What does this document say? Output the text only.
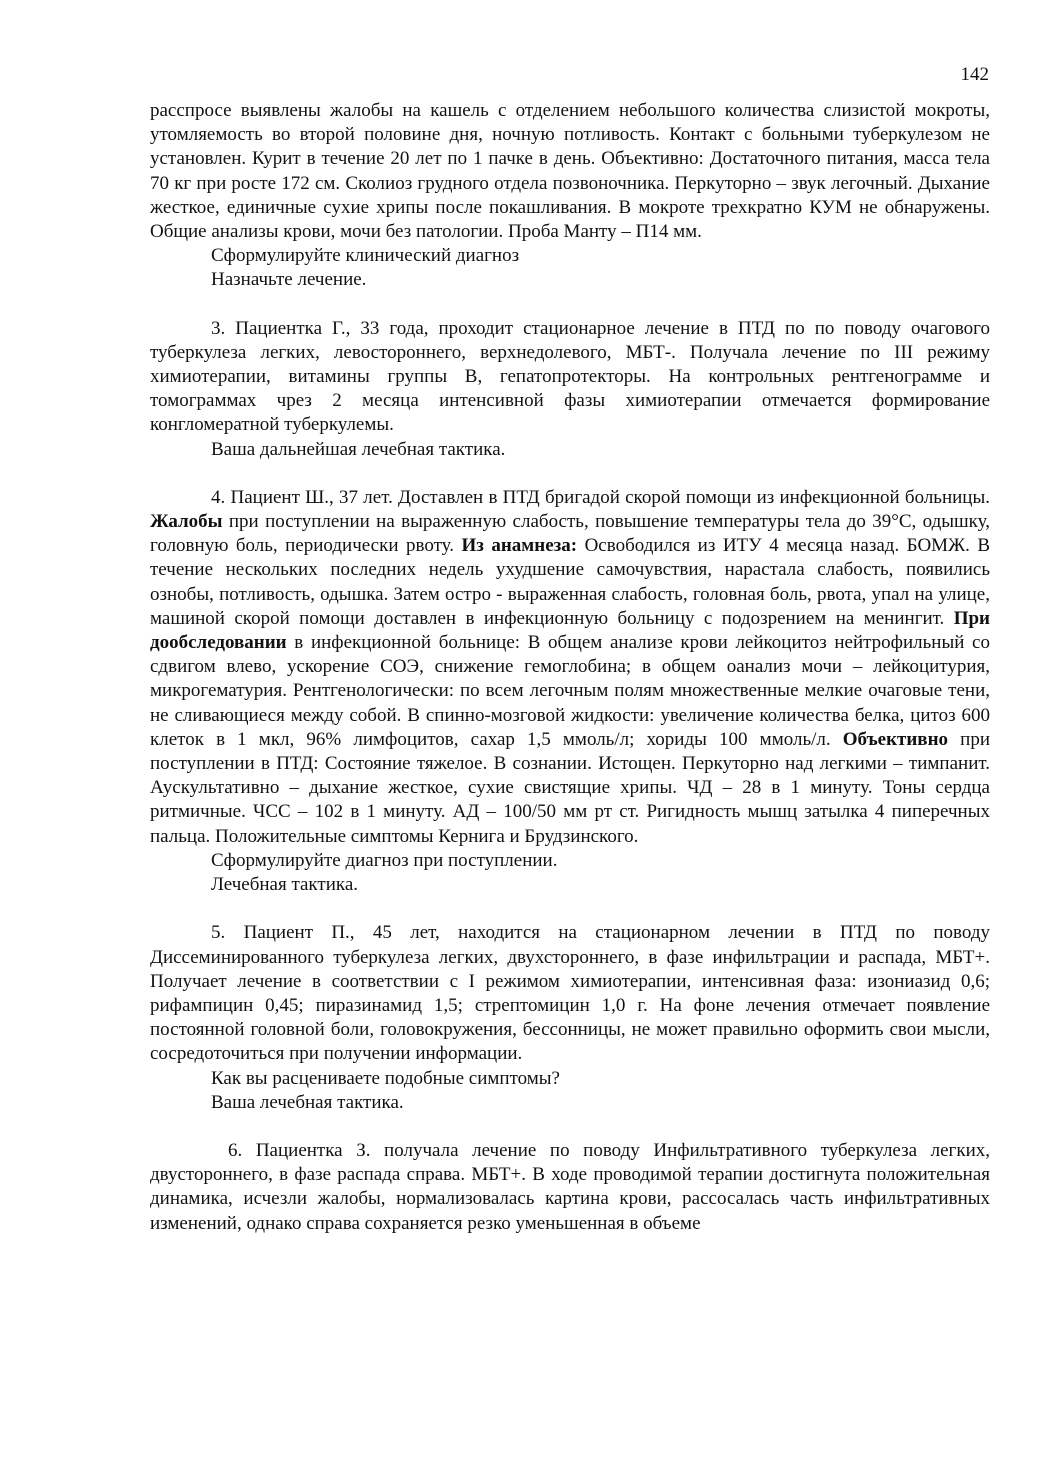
142

расспросе выявлены жалобы на кашель с отделением небольшого количества слизистой мокроты, утомляемость во второй половине дня, ночную потливость. Контакт с больными туберкулезом не установлен. Курит в течение 20 лет по 1 пачке в день. Объективно: Достаточного питания, масса тела 70 кг при росте 172 см. Сколиоз грудного отдела позвоночника. Перкуторно – звук легочный. Дыхание жесткое, единичные сухие хрипы после покашливания. В мокроте трехкратно КУМ не обнаружены. Общие анализы крови, мочи без патологии. Проба Манту – П14 мм.

Сформулируйте клинический диагноз

Назначьте лечение.

3. Пациентка Г., 33 года, проходит стационарное лечение в ПТД по по поводу очагового туберкулеза легких, левостороннего, верхнедолевого, МБТ-. Получала лечение по III режиму химиотерапии, витамины группы В, гепатопротекторы. На контрольных рентгенограмме и томограммах чрез 2 месяца интенсивной фазы химиотерапии отмечается формирование конгломератной туберкулемы.

Ваша дальнейшая лечебная тактика.

4. Пациент Ш., 37 лет. Доставлен в ПТД бригадой скорой помощи из инфекционной больницы. Жалобы при поступлении на выраженную слабость, повышение температуры тела до 39°С, одышку, головную боль, периодически рвоту. Из анамнеза: Освободился из ИТУ 4 месяца назад. БОМЖ. В течение нескольких последних недель ухудшение самочувствия, нарастала слабость, появились ознобы, потливость, одышка. Затем остро - выраженная слабость, головная боль, рвота, упал на улице, машиной скорой помощи доставлен в инфекционную больницу с подозрением на менингит. При дообследовании в инфекционной больнице: В общем анализе крови лейкоцитоз нейтрофильный со сдвигом влево, ускорение СОЭ, снижение гемоглобина; в общем оанализ мочи – лейкоцитурия, микрогематурия. Рентгенологически: по всем легочным полям множественные мелкие очаговые тени, не сливающиеся между собой. В спинно-мозговой жидкости: увеличение количества белка, цитоз 600 клеток в 1 мкл, 96% лимфоцитов, сахар 1,5 ммоль/л; хориды 100 ммоль/л. Объективно при поступлении в ПТД: Состояние тяжелое. В сознании. Истощен. Перкуторно над легкими – тимпанит. Аускультативно – дыхание жесткое, сухие свистящие хрипы. ЧД – 28 в 1 минуту. Тоны сердца ритмичные. ЧСС – 102 в 1 минуту. АД – 100/50 мм рт ст. Ригидность мышц затылка 4 пиперечных пальца. Положительные симптомы Кернига и Брудзинского.

Сформулируйте диагноз при поступлении.

Лечебная тактика.

5. Пациент П., 45 лет, находится на стационарном лечении в ПТД по поводу Диссеминированного туберкулеза легких, двухстороннего, в фазе инфильтрации и распада, МБТ+. Получает лечение в соответствии с I режимом химиотерапии, интенсивная фаза: изониазид 0,6; рифампицин 0,45; пиразинамид 1,5; стрептомицин 1,0 г. На фоне лечения отмечает появление постоянной головной боли, головокружения, бессонницы, не может правильно оформить свои мысли, сосредоточиться при получении информации.

Как вы расцениваете подобные симптомы?

Ваша лечебная тактика.

6. Пациентка З. получала лечение по поводу Инфильтративного туберкулеза легких, двустороннего, в фазе распада справа. МБТ+. В ходе проводимой терапии достигнута положительная динамика, исчезли жалобы, нормализовалась картина крови, рассосалась часть инфильтративных изменений, однако справа сохраняется резко уменьшенная в объеме
